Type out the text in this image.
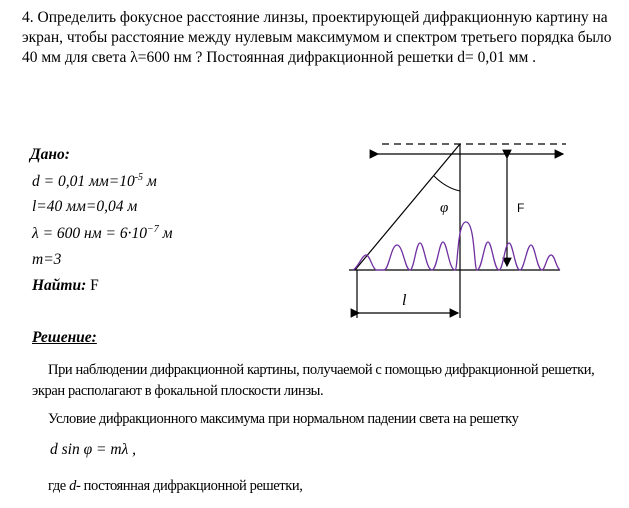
4. Определить фокусное расстояние линзы, проектирующей дифракционную картину на
экран, чтобы расстояние между нулевым максимумом и спектром третьего порядка было
40 мм для света λ=600 нм ? Постоянная дифракционной решетки d= 0,01 мм .
Дано:
d = 0,01 $мм=10^{-5}$ м
l=40 мм=0,04 м
λ = 600 нм = $6\cdot 10^{-7}$ м
m=3
Найти: F
φ	F
l
Решение:
При наблюдении дифракционной картины, получаемой с помощью дифракционной решетки, экран располагают в фокальной плоскости линзы.
Условие дифракционного максимума при нормальном падении света на решетку
d sin φ = mλ ,
где d- постоянная дифракционной решетки,
